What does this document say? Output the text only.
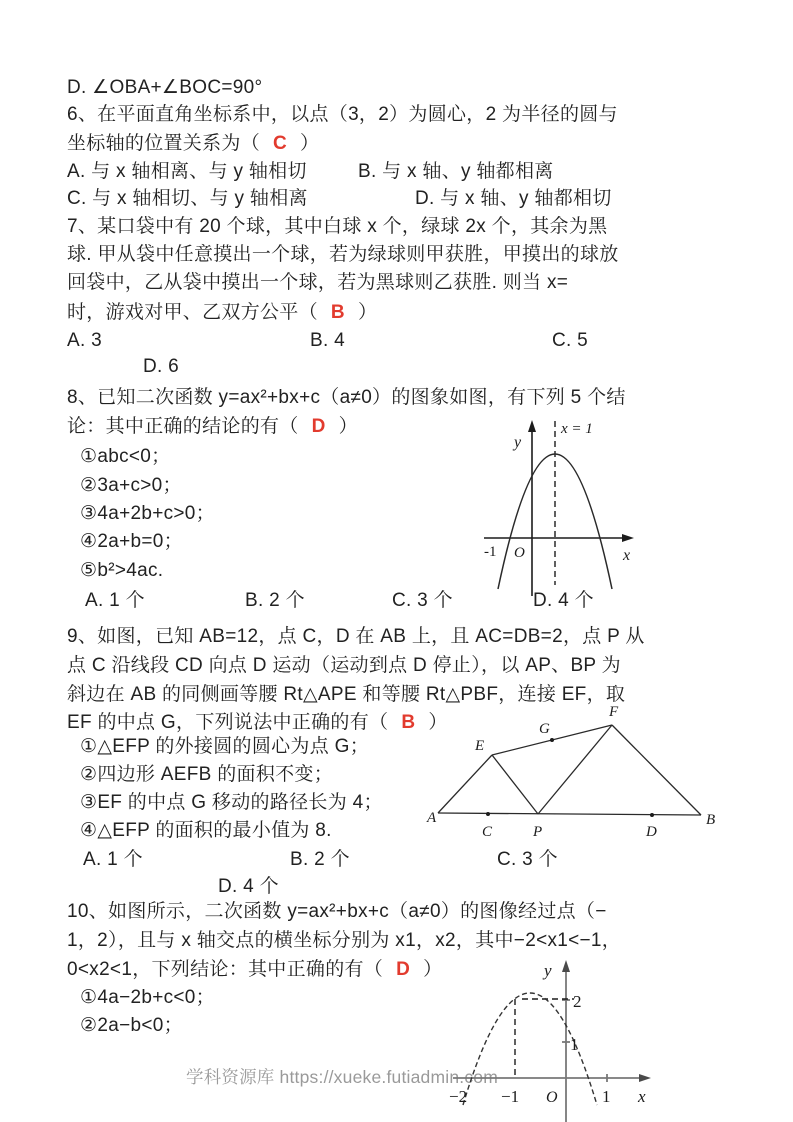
D. ∠OBA+∠BOC=90°
6、在平面直角坐标系中，以点（3，2）为圆心，2 为半径的圆与
坐标轴的位置关系为（ C ）
A. 与 x 轴相离、与 y 轴相切	B. 与 x 轴、y 轴都相离
C. 与 x 轴相切、与 y 轴相离	D. 与 x 轴、y 轴都相切
7、某口袋中有 20 个球，其中白球 x 个，绿球 2x 个，其余为黑
球. 甲从袋中任意摸出一个球，若为绿球则甲获胜，甲摸出的球放
回袋中，乙从袋中摸出一个球，若为黑球则乙获胜. 则当 x=
时，游戏对甲、乙双方公平（ B ）
A. 3	B. 4	C. 5
D. 6
8、已知二次函数 y=ax²+bx+c（a≠0）的图象如图，有下列 5 个结
论：其中正确的结论的有（ D ）
①abc<0；
②3a+c>0；
③4a+2b+c>0；
④2a+b=0；
⑤b²>4ac.
A. 1 个	B. 2 个	C. 3 个	D. 4 个
y
x = 1
-1 O	x
9、如图，已知 AB=12，点 C，D 在 AB 上，且 AC=DB=2，点 P 从
点 C 沿线段 CD 向点 D 运动（运动到点 D 停止），以 AP、BP 为
斜边在 AB 的同侧画等腰 Rt△APE 和等腰 Rt△PBF，连接 EF，取
EF 的中点 G，下列说法中正确的有（ B ）
①△EFP 的外接圆的圆心为点 G；
②四边形 AEFB 的面积不变；
③EF 的中点 G 移动的路径长为 4；
④△EFP 的面积的最小值为 8.
A. 1 个	B. 2 个	C. 3 个
D. 4 个
A	B
C	P	D
E
F
G
10、如图所示，二次函数 y=ax²+bx+c（a≠0）的图像经过点（−
1，2），且与 x 轴交点的横坐标分别为 x1，x2，其中−2<x1<−1，
0<x2<1，下列结论：其中正确的有（ D ）
①4a−2b+c<0；
②2a−b<0；
学科资源库 https://xueke.futiadmin.com
y
x
O
−2 −1	1
2
1
